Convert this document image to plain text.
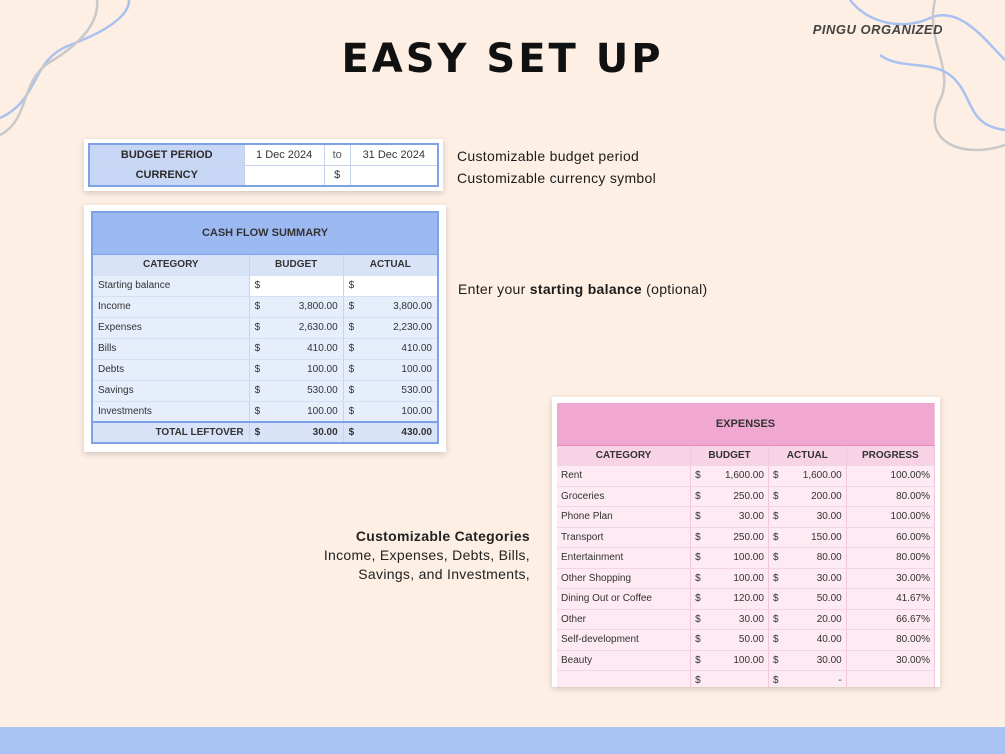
PINGU ORGANIZED
EASY SET UP
BUDGET PERIOD	1 Dec 2024	to	31 Dec 2024
CURRENCY		$	
Customizable budget period
Customizable currency symbol
CASH FLOW SUMMARY				
CATEGORY	BUDGET		ACTUAL	
Starting balance	$		$	
Income	$	3,800.00	$	3,800.00
Expenses	$	2,630.00	$	2,230.00
Bills	$	410.00	$	410.00
Debts	$	100.00	$	100.00
Savings	$	530.00	$	530.00
Investments	$	100.00	$	100.00
TOTAL LEFTOVER	$	30.00	$	430.00
Enter your starting balance (optional)
Customizable Categories
Income, Expenses, Debts, Bills,
Savings, and Investments,
EXPENSES					
CATEGORY	BUDGET		ACTUAL		PROGRESS
Rent	$	1,600.00	$	1,600.00	100.00%
Groceries	$	250.00	$	200.00	80.00%
Phone Plan	$	30.00	$	30.00	100.00%
Transport	$	250.00	$	150.00	60.00%
Entertainment	$	100.00	$	80.00	80.00%
Other Shopping	$	100.00	$	30.00	30.00%
Dining Out or Coffee	$	120.00	$	50.00	41.67%
Other	$	30.00	$	20.00	66.67%
Self-development	$	50.00	$	40.00	80.00%
Beauty	$	100.00	$	30.00	30.00%
	$		$	-	
